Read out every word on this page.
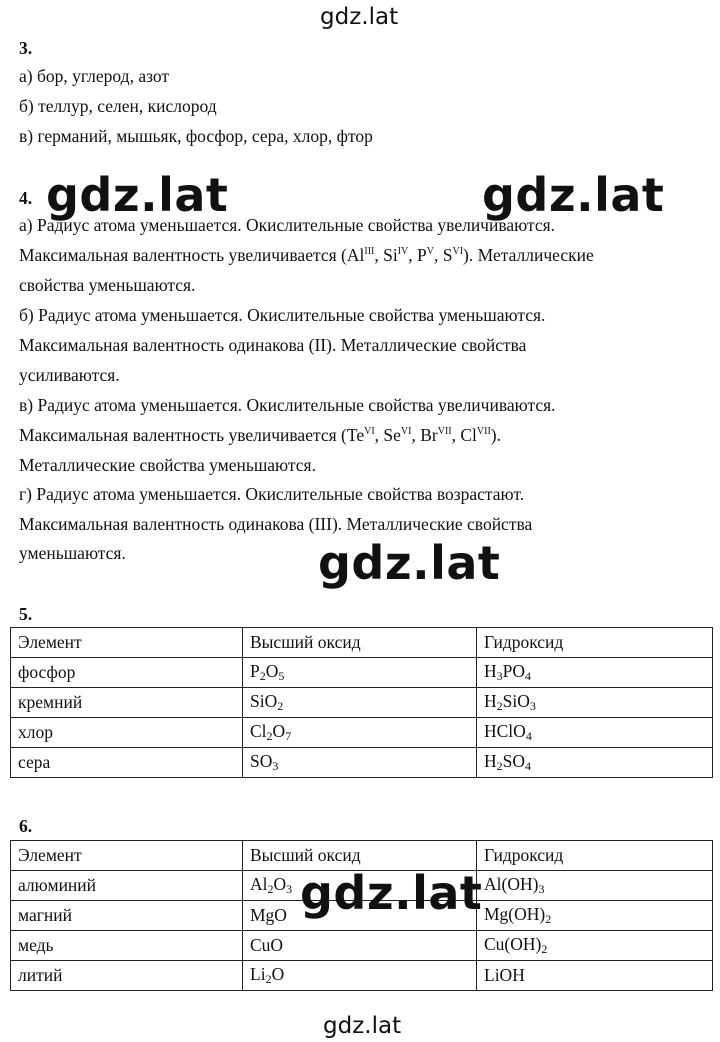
gdz.lat
gdz.lat	gdz.lat
gdz.lat
gdz.lat
gdz.lat
3.
а) бор, углерод, азот
б) теллур, селен, кислород
в) германий, мышьяк, фосфор, сера, хлор, фтор
4.
а) Радиус атома уменьшается. Окислительные свойства увеличиваются.
Максимальная валентность увеличивается ($Al^{III}$, $Si^{IV}$, $P^V$, $S^{VI}$). Металлические
свойства уменьшаются.
б) Радиус атома уменьшается. Окислительные свойства уменьшаются.
Максимальная валентность одинакова (II). Металлические свойства
усиливаются.
в) Радиус атома уменьшается. Окислительные свойства увеличиваются.
Максимальная валентность увеличивается ($Te^{VI}$, $Se^{VI}$, $Br^{VII}$, $Cl^{VII}$).
Металлические свойства уменьшаются.
г) Радиус атома уменьшается. Окислительные свойства возрастают.
Максимальная валентность одинакова (III). Металлические свойства
уменьшаются.
5.
Элемент	Высший оксид	Гидроксид
фосфор	$P_2O_5$	$H_3PO_4$
кремний	SiO$_2$	$H_2SiO_3$
хлор	$Cl_2O_7$	HClO$_4$
сера	$SO_3$	$H_2SO_4$
6.
Элемент	Высший оксид	Гидроксид
алюминий	$Al_2O_3$	$Al(OH)_3$
магний	MgO	$Mg(OH)_2$
медь	CuO	$Cu(OH)_2$
литий	$Li_2O$	LiOH
